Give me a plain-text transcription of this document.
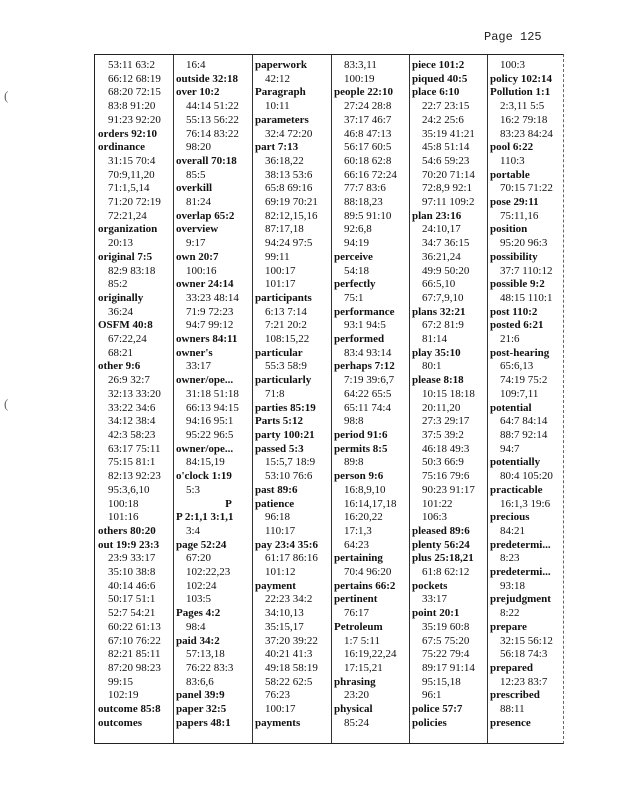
Page 125
(
(
53:11 63:2
66:12 68:19
68:20 72:15
83:8 91:20
91:23 92:20
orders 92:10
ordinance
31:15 70:4
70:9,11,20
71:1,5,14
71:20 72:19
72:21,24
organization
20:13
original 7:5
82:9 83:18
85:2
originally
36:24
OSFM 40:8
67:22,24
68:21
other 9:6
26:9 32:7
32:13 33:20
33:22 34:6
34:12 38:4
42:3 58:23
63:17 75:11
75:15 81:1
82:13 92:23
95:3,6,10
100:18
101:16
others 80:20
out 19:9 23:3
23:9 33:17
35:10 38:8
40:14 46:6
50:17 51:1
52:7 54:21
60:22 61:13
67:10 76:22
82:21 85:11
87:20 98:23
99:15
102:19
outcome 85:8
outcomes
16:4
outside 32:18
over 10:2
44:14 51:22
55:13 56:22
76:14 83:22
98:20
overall 70:18
85:5
overkill
81:24
overlap 65:2
overview
9:17
own 20:7
100:16
owner 24:14
33:23 48:14
71:9 72:23
94:7 99:12
owners 84:11
owner's
33:17
owner/ope...
31:18 51:18
66:13 94:15
94:16 95:1
95:22 96:5
owner/ope...
84:15,19
o'clock 1:19
5:3
P
P 2:1,1 3:1,1
3:4
page 52:24
67:20
102:22,23
102:24
103:5
Pages 4:2
98:4
paid 34:2
57:13,18
76:22 83:3
83:6,6
panel 39:9
paper 32:5
papers 48:1
paperwork
42:12
Paragraph
10:11
parameters
32:4 72:20
part 7:13
36:18,22
38:13 53:6
65:8 69:16
69:19 70:21
82:12,15,16
87:17,18
94:24 97:5
99:11
100:17
101:17
participants
6:13 7:14
7:21 20:2
108:15,22
particular
55:3 58:9
particularly
71:8
parties 85:19
Parts 5:12
party 100:21
passed 5:3
15:5,7 18:9
53:10 76:6
past 89:6
patience
96:18
110:17
pay 23:4 35:6
61:17 86:16
101:12
payment
22:23 34:2
34:10,13
35:15,17
37:20 39:22
40:21 41:3
49:18 58:19
58:22 62:5
76:23
100:17
payments
83:3,11
100:19
people 22:10
27:24 28:8
37:17 46:7
46:8 47:13
56:17 60:5
60:18 62:8
66:16 72:24
77:7 83:6
88:18,23
89:5 91:10
92:6,8
94:19
perceive
54:18
perfectly
75:1
performance
93:1 94:5
performed
83:4 93:14
perhaps 7:12
7:19 39:6,7
64:22 65:5
65:11 74:4
98:8
period 91:6
permits 8:5
89:8
person 9:6
16:8,9,10
16:14,17,18
16:20,22
17:1,3
64:23
pertaining
70:4 96:20
pertains 66:2
pertinent
76:17
Petroleum
1:7 5:11
16:19,22,24
17:15,21
phrasing
23:20
physical
85:24
piece 101:2
piqued 40:5
place 6:10
22:7 23:15
24:2 25:6
35:19 41:21
45:8 51:14
54:6 59:23
70:20 71:14
72:8,9 92:1
97:11 109:2
plan 23:16
24:10,17
34:7 36:15
36:21,24
49:9 50:20
66:5,10
67:7,9,10
plans 32:21
67:2 81:9
81:14
play 35:10
80:1
please 8:18
10:15 18:18
20:11,20
27:3 29:17
37:5 39:2
46:18 49:3
50:3 66:9
75:16 79:6
90:23 91:17
101:22
106:3
pleased 89:6
plenty 56:24
plus 25:18,21
61:8 62:12
pockets
33:17
point 20:1
35:19 60:8
67:5 75:20
75:22 79:4
89:17 91:14
95:15,18
96:1
police 57:7
policies
100:3
policy 102:14
Pollution 1:1
2:3,11 5:5
16:2 79:18
83:23 84:24
pool 6:22
110:3
portable
70:15 71:22
pose 29:11
75:11,16
position
95:20 96:3
possibility
37:7 110:12
possible 9:2
48:15 110:1
post 110:2
posted 6:21
21:6
post-hearing
65:6,13
74:19 75:2
109:7,11
potential
64:7 84:14
88:7 92:14
94:7
potentially
80:4 105:20
practicable
16:1,3 19:6
precious
84:21
predetermi...
8:23
predetermi...
93:18
prejudgment
8:22
prepare
32:15 56:12
56:18 74:3
prepared
12:23 83:7
prescribed
88:11
presence
